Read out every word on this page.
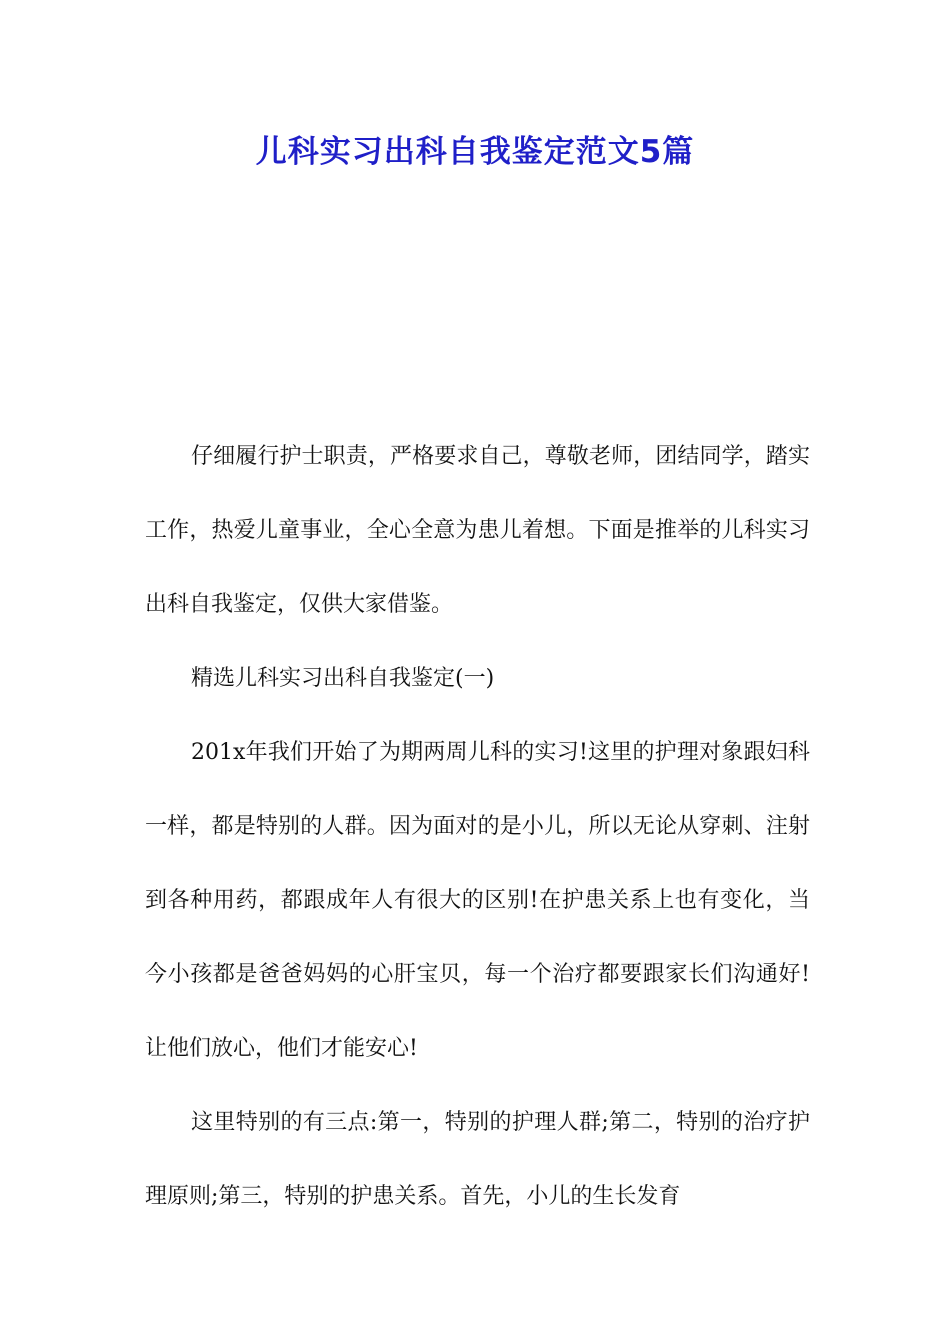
儿科实习出科自我鉴定范文5篇

仔细履行护士职责，严格要求自己，尊敬老师，团结同学，踏实工作，热爱儿童事业，全心全意为患儿着想。下面是推举的儿科实习出科自我鉴定，仅供大家借鉴。

精选儿科实习出科自我鉴定(一)

201x年我们开始了为期两周儿科的实习!这里的护理对象跟妇科一样，都是特别的人群。因为面对的是小儿，所以无论从穿刺、注射到各种用药，都跟成年人有很大的区别!在护患关系上也有变化，当今小孩都是爸爸妈妈的心肝宝贝，每一个治疗都要跟家长们沟通好!让他们放心，他们才能安心!

这里特别的有三点:第一，特别的护理人群;第二，特别的治疗护理原则;第三，特别的护患关系。首先，小儿的生长发育
